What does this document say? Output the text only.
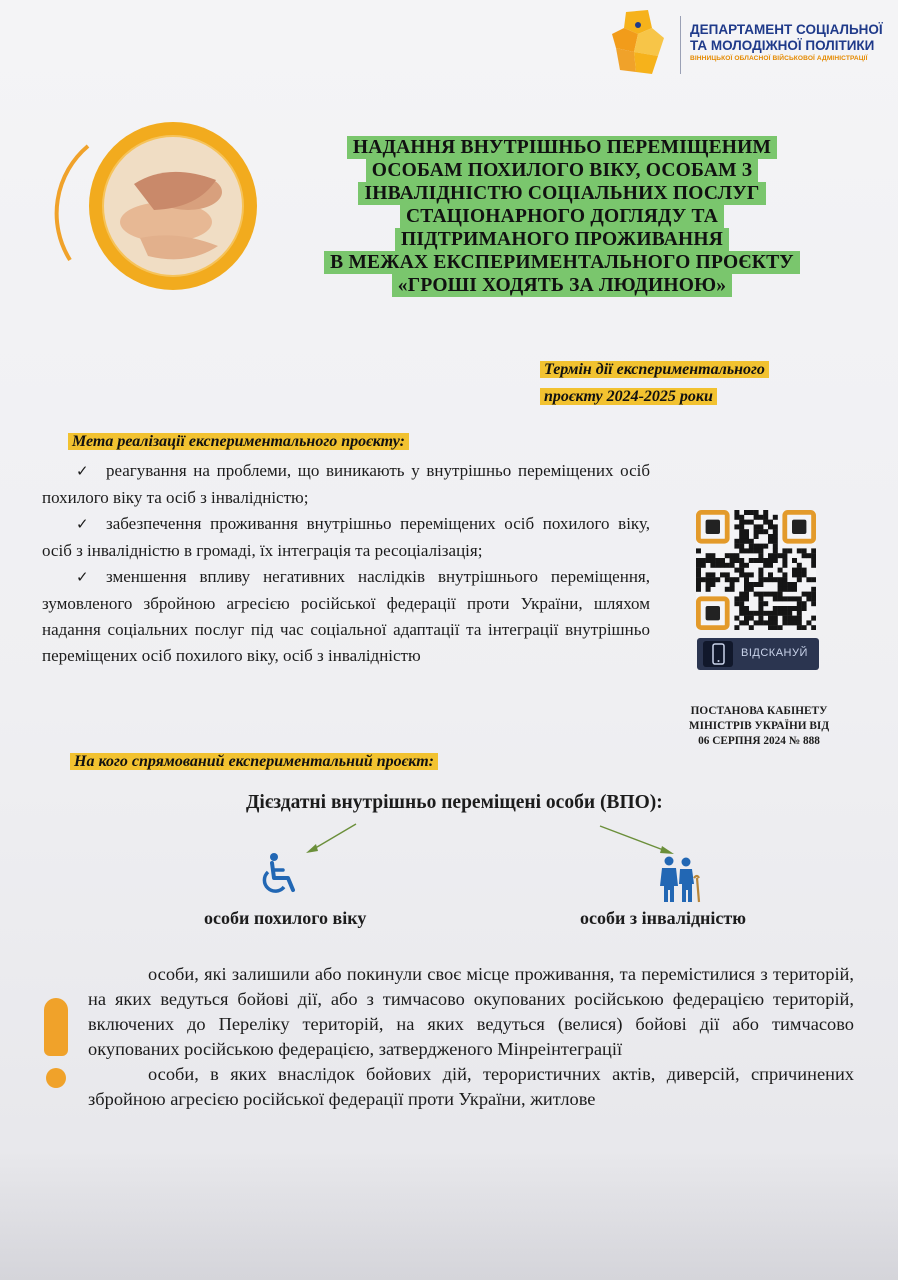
ДЕПАРТАМЕНТ СОЦІАЛЬНОЇ
ТА МОЛОДІЖНОЇ ПОЛІТИКИ
ВІННИЦЬКОЇ ОБЛАСНОЇ ВІЙСЬКОВОЇ АДМІНІСТРАЦІЇ
НАДАННЯ ВНУТРІШНЬО ПЕРЕМІЩЕНИМ
ОСОБАМ ПОХИЛОГО ВІКУ, ОСОБАМ З
ІНВАЛІДНІСТЮ СОЦІАЛЬНИХ ПОСЛУГ
СТАЦІОНАРНОГО ДОГЛЯДУ ТА
ПІДТРИМАНОГО ПРОЖИВАННЯ
В МЕЖАХ ЕКСПЕРИМЕНТАЛЬНОГО ПРОЄКТУ
«ГРОШІ ХОДЯТЬ ЗА ЛЮДИНОЮ»
Термін дії експериментального
проєкту 2024-2025 роки
Мета реалізації експериментального проєкту:

✓ реагування на проблеми, що виникають у внутрішньо переміщених осіб похилого віку та осіб з інвалідністю;

✓ забезпечення проживання внутрішньо переміщених осіб похилого віку, осіб з інвалідністю в громаді, їх інтеграція та ресоціалізація;

✓ зменшення впливу негативних наслідків внутрішнього переміщення, зумовленого збройною агресією російської федерації проти України, шляхом надання соціальних послуг під час соціальної адаптації та інтеграції внутрішньо переміщених осіб похилого віку, осіб з інвалідністю	ВІДСКАНУЙ
ПОСТАНОВА КАБІНЕТУ
МІНІСТРІВ УКРАЇНИ ВІД
06 СЕРПНЯ 2024 № 888
На кого спрямований експериментальний проєкт:
Дієздатні внутрішньо переміщені особи (ВПО):
особи похилого віку	особи з інвалідністю

особи, які залишили або покинули своє місце проживання, та перемістилися з територій, на яких ведуться бойові дії, або з тимчасово окупованих російською федерацією територій, включених до Переліку територій, на яких ведуться (велися) бойові дії або тимчасово окупованих російською федерацією, затвердженого Мінреінтеграції

особи, в яких внаслідок бойових дій, терористичних актів, диверсій, спричинених збройною агресією російської федерації проти України, житлове
